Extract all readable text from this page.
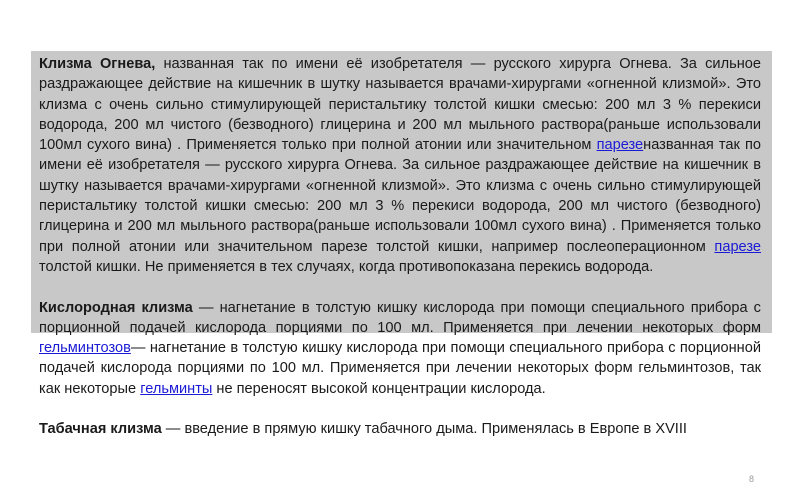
Клизма Огнева, названная так по имени её изобретателя — русского хирурга Огнева. За сильное раздражающее действие на кишечник в шутку называется врачами-хирургами «огненной клизмой». Это клизма с очень сильно стимулирующей перистальтику толстой кишки смесью: 200 мл 3 % перекиси водорода, 200 мл чистого (безводного) глицерина и 200 мл мыльного раствора(раньше использовали 100мл сухого вина) . Применяется только при полной атонии или значительном парезеназванная так по имени её изобретателя — русского хирурга Огнева. За сильное раздражающее действие на кишечник в шутку называется врачами-хирургами «огненной клизмой». Это клизма с очень сильно стимулирующей перистальтику толстой кишки смесью: 200 мл 3 % перекиси водорода, 200 мл чистого (безводного) глицерина и 200 мл мыльного раствора(раньше использовали 100мл сухого вина) . Применяется только при полной атонии или значительном парезе толстой кишки, например послеоперационном парезе толстой кишки. Не применяется в тех случаях, когда противопоказана перекись водорода.

Кислородная клизма — нагнетание в толстую кишку кислорода при помощи специального прибора с порционной подачей кислорода порциями по 100 мл. Применяется при лечении некоторых форм гельминтозов— нагнетание в толстую кишку кислорода при помощи специального прибора с порционной подачей кислорода порциями по 100 мл. Применяется при лечении некоторых форм гельминтозов, так как некоторые гельминты не переносят высокой концентрации кислорода.

Табачная клизма — введение в прямую кишку табачного дыма. Применялась в Европе в XVIII

8
